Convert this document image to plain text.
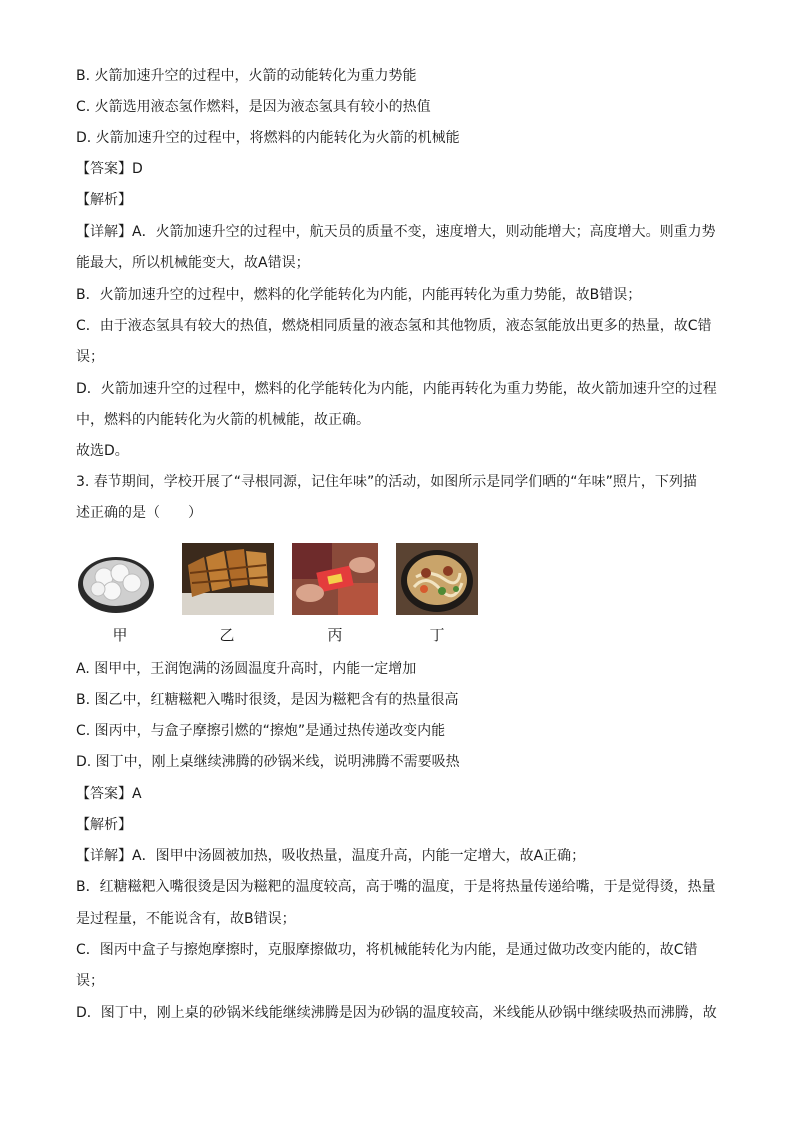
B. 火箭加速升空的过程中，火箭的动能转化为重力势能
C. 火箭选用液态氢作燃料，是因为液态氢具有较小的热值
D. 火箭加速升空的过程中，将燃料的内能转化为火箭的机械能
【答案】D
【解析】
【详解】A．火箭加速升空的过程中，航天员的质量不变，速度增大，则动能增大；高度增大。则重力势
能最大，所以机械能变大，故A错误；
B．火箭加速升空的过程中，燃料的化学能转化为内能，内能再转化为重力势能，故B错误；
C．由于液态氢具有较大的热值，燃烧相同质量的液态氢和其他物质，液态氢能放出更多的热量，故C错
误；
D．火箭加速升空的过程中，燃料的化学能转化为内能，内能再转化为重力势能，故火箭加速升空的过程
中，燃料的内能转化为火箭的机械能，故正确。
故选D。
3. 春节期间，学校开展了“寻根同源，记住年味”的活动，如图所示是同学们晒的“年味”照片，下列描
述正确的是（　　）
甲	乙	丙	丁
A. 图甲中，王润饱满的汤圆温度升高时，内能一定增加
B. 图乙中，红糖糍粑入嘴时很烫，是因为糍粑含有的热量很高
C. 图丙中，与盒子摩擦引燃的“擦炮”是通过热传递改变内能
D. 图丁中，刚上桌继续沸腾的砂锅米线，说明沸腾不需要吸热
【答案】A
【解析】
【详解】A．图甲中汤圆被加热，吸收热量，温度升高，内能一定增大，故A正确；
B．红糖糍粑入嘴很烫是因为糍粑的温度较高，高于嘴的温度，于是将热量传递给嘴，于是觉得烫，热量
是过程量，不能说含有，故B错误；
C．图丙中盒子与擦炮摩擦时，克服摩擦做功，将机械能转化为内能，是通过做功改变内能的，故C错
误；
D．图丁中，刚上桌的砂锅米线能继续沸腾是因为砂锅的温度较高，米线能从砂锅中继续吸热而沸腾，故
